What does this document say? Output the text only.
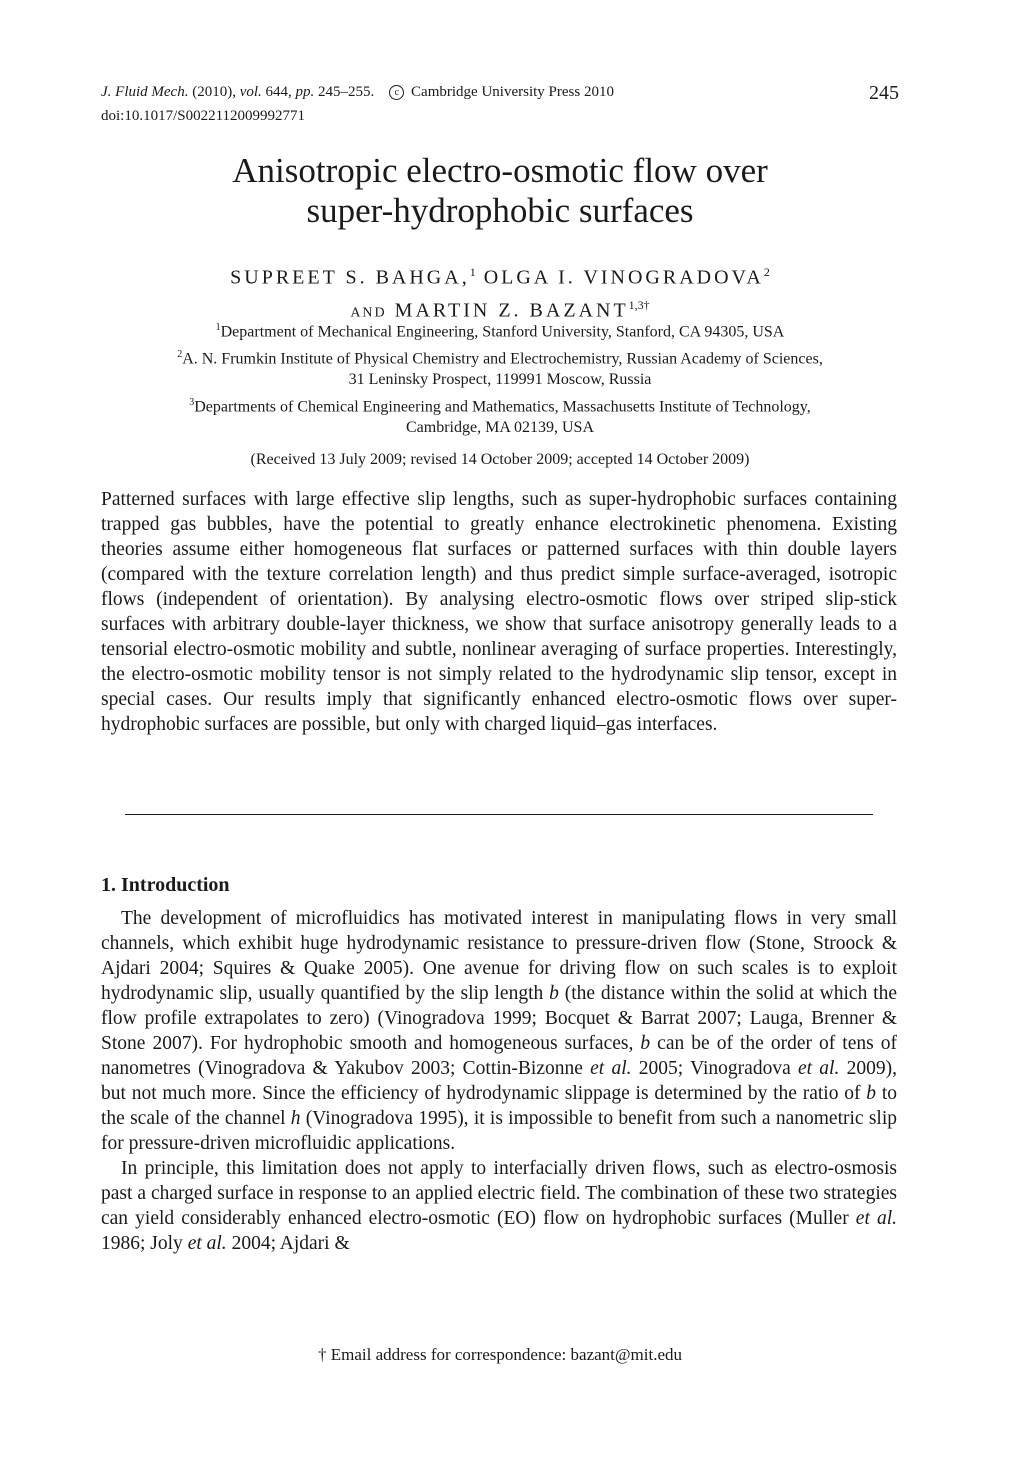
J. Fluid Mech. (2010), vol. 644, pp. 245–255. c Cambridge University Press 2010
doi:10.1017/S0022112009992771
245
Anisotropic electro-osmotic flow over
super-hydrophobic surfaces
SUPREET S. BAHGA,$^1$ OLGA I. VINOGRADOVA$^2$
AND MARTIN Z. $BAZANT^{1,3\dagger}$
$^1$Department of Mechanical Engineering, Stanford University, Stanford, CA 94305, USA
$^2$A. N. Frumkin Institute of Physical Chemistry and Electrochemistry, Russian Academy of Sciences,
31 Leninsky Prospect, 119991 Moscow, Russia
$^3$Departments of Chemical Engineering and Mathematics, Massachusetts Institute of Technology,
Cambridge, MA 02139, USA
(Received 13 July 2009; revised 14 October 2009; accepted 14 October 2009)
Patterned surfaces with large effective slip lengths, such as super-hydrophobic surfaces containing trapped gas bubbles, have the potential to greatly enhance electrokinetic phenomena. Existing theories assume either homogeneous flat surfaces or patterned surfaces with thin double layers (compared with the texture correlation length) and thus predict simple surface-averaged, isotropic flows (independent of orientation). By analysing electro-osmotic flows over striped slip-stick surfaces with arbitrary double-layer thickness, we show that surface anisotropy generally leads to a tensorial electro-osmotic mobility and subtle, nonlinear averaging of surface properties. Interestingly, the electro-osmotic mobility tensor is not simply related to the hydrodynamic slip tensor, except in special cases. Our results imply that significantly enhanced electro-osmotic flows over super-hydrophobic surfaces are possible, but only with charged liquid–gas interfaces.
1. Introduction

The development of microfluidics has motivated interest in manipulating flows in very small channels, which exhibit huge hydrodynamic resistance to pressure-driven flow (Stone, Stroock & Ajdari 2004; Squires & Quake 2005). One avenue for driving flow on such scales is to exploit hydrodynamic slip, usually quantified by the slip length b (the distance within the solid at which the flow profile extrapolates to zero) (Vinogradova 1999; Bocquet & Barrat 2007; Lauga, Brenner & Stone 2007). For hydrophobic smooth and homogeneous surfaces, b can be of the order of tens of nanometres (Vinogradova & Yakubov 2003; Cottin-Bizonne et al. 2005; Vinogradova et al. 2009), but not much more. Since the efficiency of hydrodynamic slippage is determined by the ratio of b to the scale of the channel h (Vinogradova 1995), it is impossible to benefit from such a nanometric slip for pressure-driven microfluidic applications.

In principle, this limitation does not apply to interfacially driven flows, such as electro-osmosis past a charged surface in response to an applied electric field. The combination of these two strategies can yield considerably enhanced electro-osmotic (EO) flow on hydrophobic surfaces (Muller et al. 1986; Joly et al. 2004; Ajdari &

† Email address for correspondence: bazant@mit.edu
